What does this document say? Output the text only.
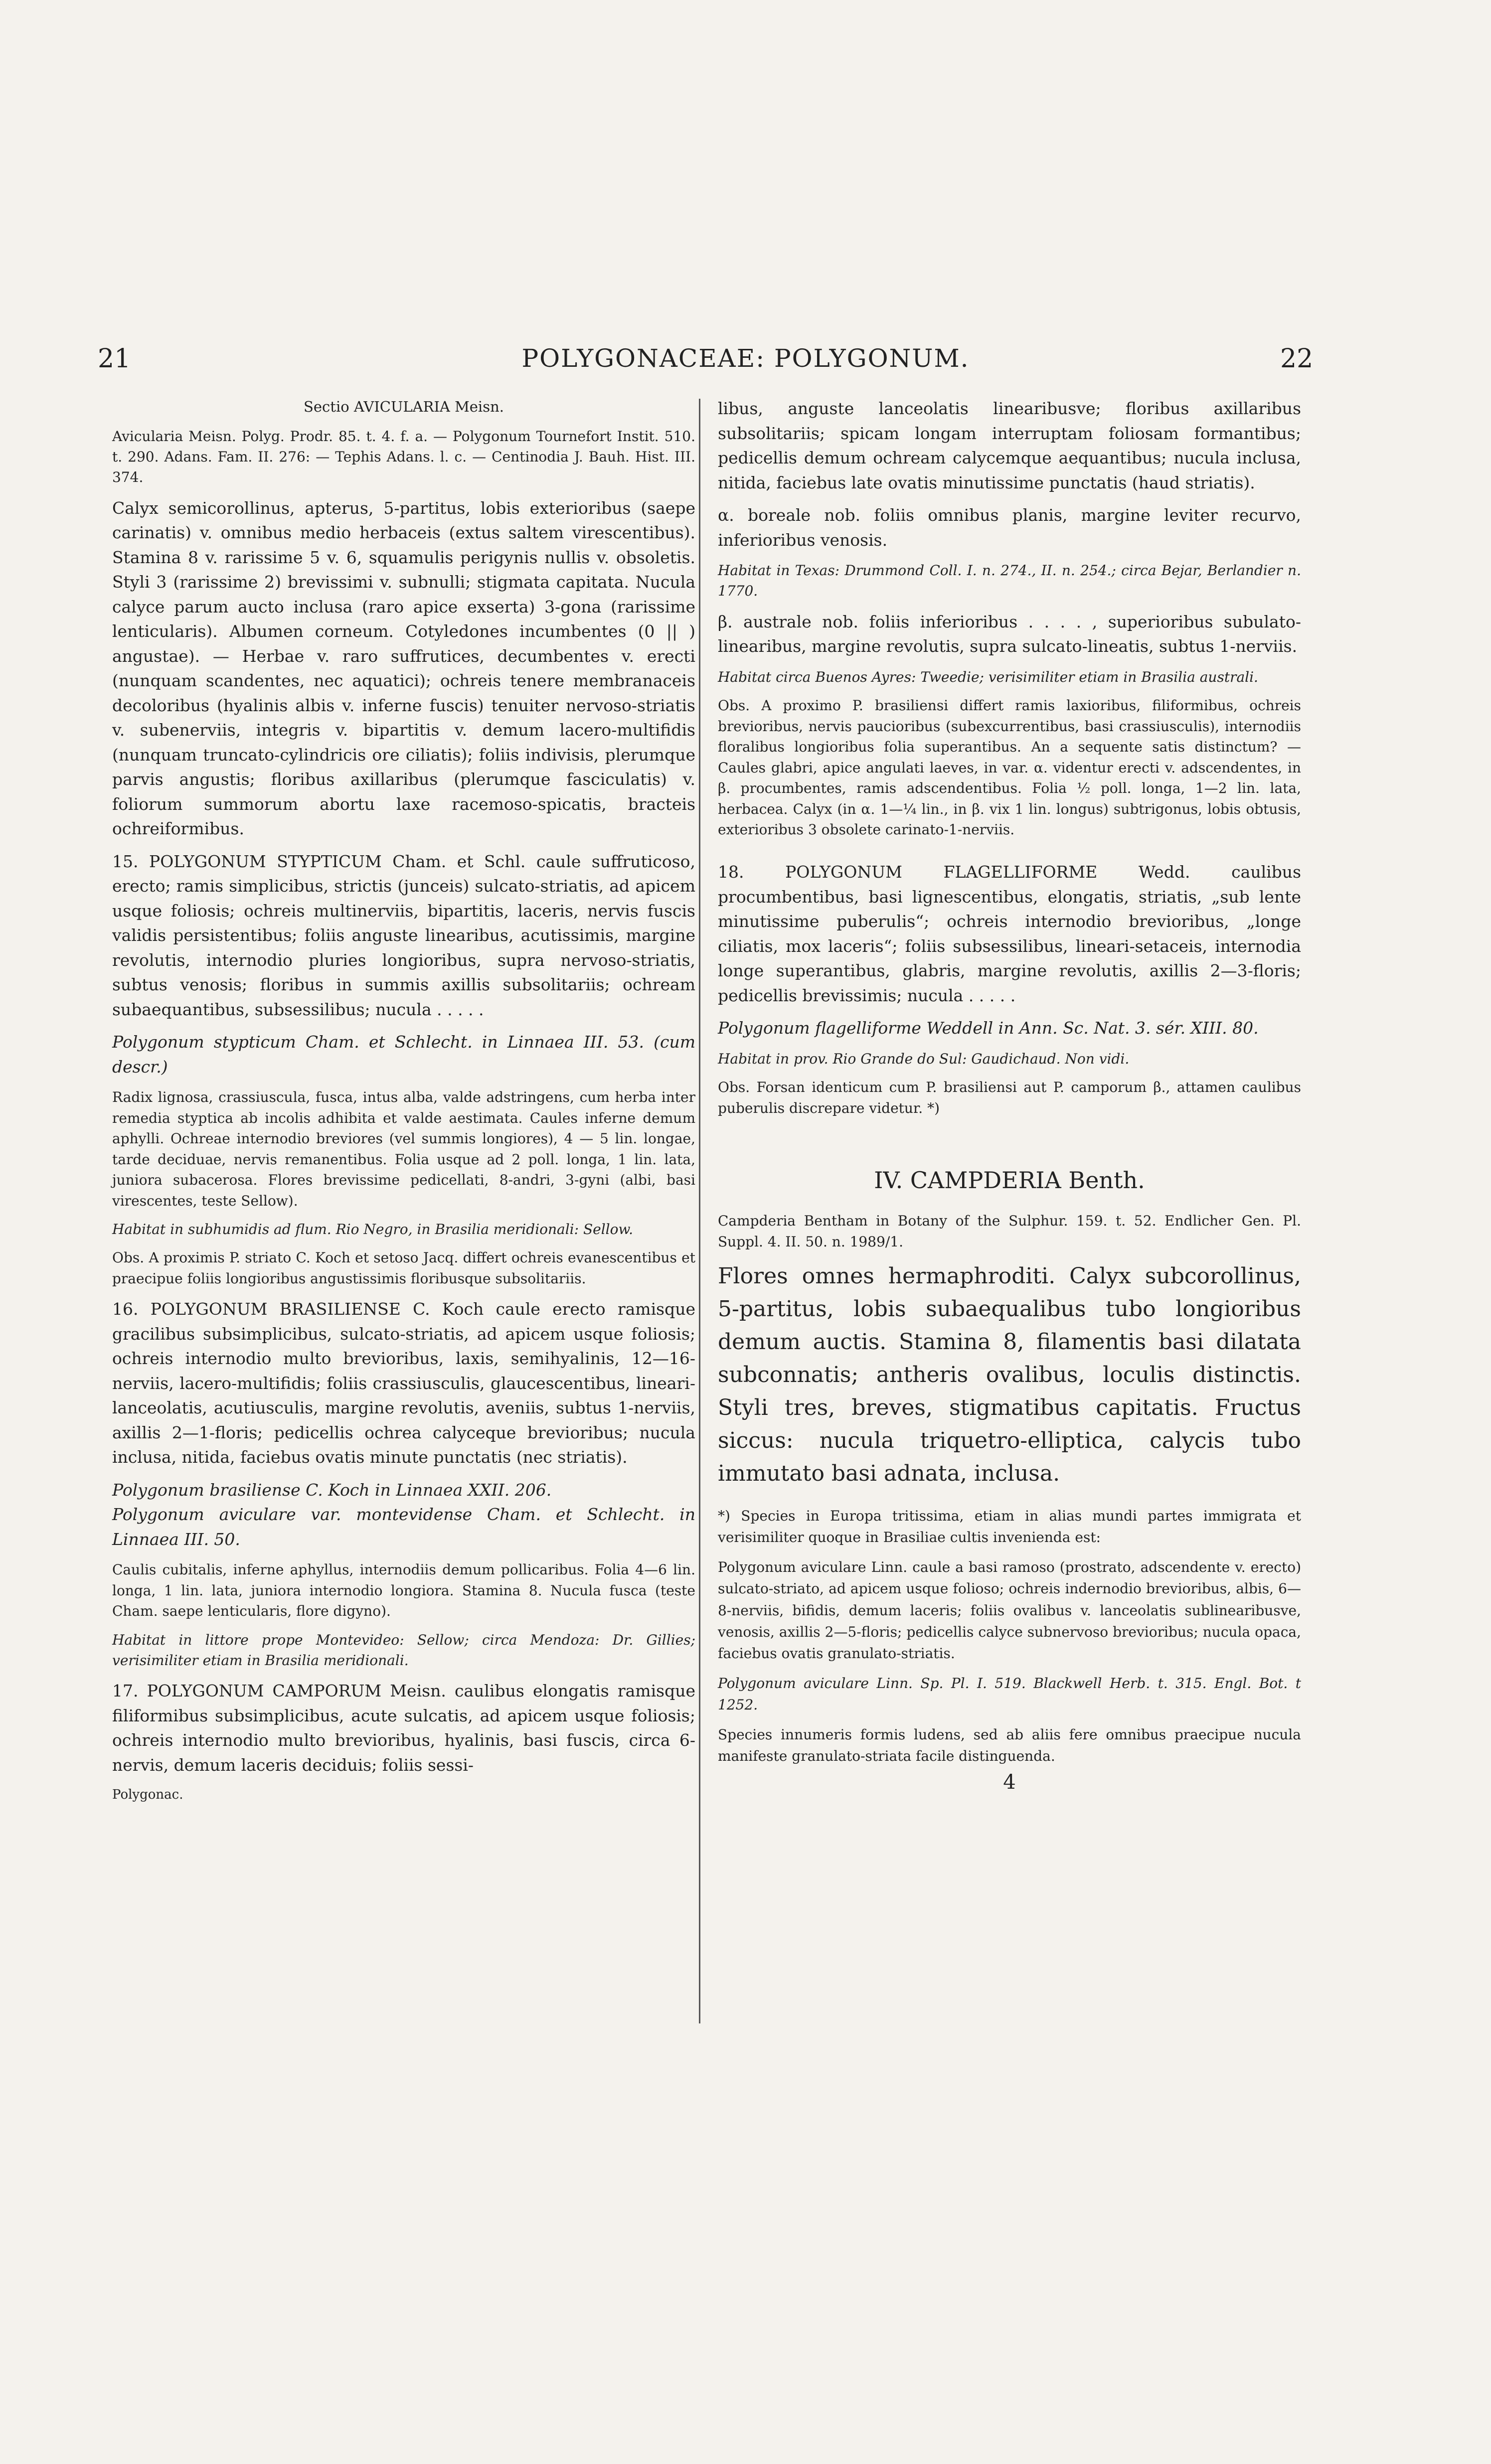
21	POLYGONACEAE: POLYGONUM.	22

Sectio AVICULARIA Meisn.

Avicularia Meisn. Polyg. Prodr. 85. t. 4. f. a. — Polygonum Tournefort Instit. 510. t. 290. Adans. Fam. II. 276: — Tephis Adans. l. c. — Centinodia J. Bauh. Hist. III. 374.

Calyx semicorollinus, apterus, 5-partitus, lobis exterioribus (saepe carinatis) v. omnibus medio herbaceis (extus saltem virescentibus). Stamina 8 v. rarissime 5 v. 6, squamulis perigynis nullis v. obsoletis. Styli 3 (rarissime 2) brevissimi v. subnulli; stigmata capitata. Nucula calyce parum aucto inclusa (raro apice exserta) 3-gona (rarissime lenticularis). Albumen corneum. Cotyledones incumbentes (0 || ) angustae). — Herbae v. raro suffrutices, decumbentes v. erecti (nunquam scandentes, nec aquatici); ochreis tenere membranaceis decoloribus (hyalinis albis v. inferne fuscis) tenuiter nervoso-striatis v. subenerviis, integris v. bipartitis v. demum lacero-multifidis (nunquam truncato-cylindricis ore ciliatis); foliis indivisis, plerumque parvis angustis; floribus axillaribus (plerumque fasciculatis) v. foliorum summorum abortu laxe racemoso-spicatis, bracteis ochreiformibus.

15. POLYGONUM STYPTICUM Cham. et Schl. caule suffruticoso, erecto; ramis simplicibus, strictis (junceis) sulcato-striatis, ad apicem usque foliosis; ochreis multinerviis, bipartitis, laceris, nervis fuscis validis persistentibus; foliis anguste linearibus, acutissimis, margine revolutis, internodio pluries longioribus, supra nervoso-striatis, subtus venosis; floribus in summis axillis subsolitariis; ochream subaequantibus, subsessilibus; nucula . . . . .

Polygonum stypticum Cham. et Schlecht. in Linnaea III. 53. (cum descr.)

Radix lignosa, crassiuscula, fusca, intus alba, valde adstringens, cum herba inter remedia styptica ab incolis adhibita et valde aestimata. Caules inferne demum aphylli. Ochreae internodio breviores (vel summis longiores), 4 — 5 lin. longae, tarde deciduae, nervis remanentibus. Folia usque ad 2 poll. longa, 1 lin. lata, juniora subacerosa. Flores brevissime pedicellati, 8-andri, 3-gyni (albi, basi virescentes, teste Sellow).

Habitat in subhumidis ad flum. Rio Negro, in Brasilia meridionali: Sellow.

Obs. A proximis P. striato C. Koch et setoso Jacq. differt ochreis evanescentibus et praecipue foliis longioribus angustissimis floribusque subsolitariis.

16. POLYGONUM BRASILIENSE C. Koch caule erecto ramisque gracilibus subsimplicibus, sulcato-striatis, ad apicem usque foliosis; ochreis internodio multo brevioribus, laxis, semihyalinis, 12—16-nerviis, lacero-multifidis; foliis crassiusculis, glaucescentibus, lineari-lanceolatis, acutiusculis, margine revolutis, aveniis, subtus 1-nerviis, axillis 2—1-floris; pedicellis ochrea calyceque brevioribus; nucula inclusa, nitida, faciebus ovatis minute punctatis (nec striatis).

Polygonum brasiliense C. Koch in Linnaea XXII. 206.

Polygonum aviculare var. montevidense Cham. et Schlecht. in Linnaea III. 50.

Caulis cubitalis, inferne aphyllus, internodiis demum pollicaribus. Folia 4—6 lin. longa, 1 lin. lata, juniora internodio longiora. Stamina 8. Nucula fusca (teste Cham. saepe lenticularis, flore digyno).

Habitat in littore prope Montevideo: Sellow; circa Mendoza: Dr. Gillies; verisimiliter etiam in Brasilia meridionali.

17. POLYGONUM CAMPORUM Meisn. caulibus elongatis ramisque filiformibus subsimplicibus, acute sulcatis, ad apicem usque foliosis; ochreis internodio multo brevioribus, hyalinis, basi fuscis, circa 6-nervis, demum laceris deciduis; foliis sessi-

Polygonac.

libus, anguste lanceolatis linearibusve; floribus axillaribus subsolitariis; spicam longam interruptam foliosam formantibus; pedicellis demum ochream calycemque aequantibus; nucula inclusa, nitida, faciebus late ovatis minutissime punctatis (haud striatis).

α. boreale nob. foliis omnibus planis, margine leviter recurvo, inferioribus venosis.

Habitat in Texas: Drummond Coll. I. n. 274., II. n. 254.; circa Bejar, Berlandier n. 1770.

β. australe nob. foliis inferioribus . . . . , superioribus subulato-linearibus, margine revolutis, supra sulcato-lineatis, subtus 1-nerviis.

Habitat circa Buenos Ayres: Tweedie; verisimiliter etiam in Brasilia australi.

Obs. A proximo P. brasiliensi differt ramis laxioribus, filiformibus, ochreis brevioribus, nervis paucioribus (subexcurrentibus, basi crassiusculis), internodiis floralibus longioribus folia superantibus. An a sequente satis distinctum? — Caules glabri, apice angulati laeves, in var. α. videntur erecti v. adscendentes, in β. procumbentes, ramis adscendentibus. Folia ½ poll. longa, 1—2 lin. lata, herbacea. Calyx (in α. 1—¼ lin., in β. vix 1 lin. longus) subtrigonus, lobis obtusis, exterioribus 3 obsolete carinato-1-nerviis.

18. POLYGONUM FLAGELLIFORME Wedd. caulibus procumbentibus, basi lignescentibus, elongatis, striatis, „sub lente minutissime puberulis“; ochreis internodio brevioribus, „longe ciliatis, mox laceris“; foliis subsessilibus, lineari-setaceis, internodia longe superantibus, glabris, margine revolutis, axillis 2—3-floris; pedicellis brevissimis; nucula . . . . .

Polygonum flagelliforme Weddell in Ann. Sc. Nat. 3. sér. XIII. 80.

Habitat in prov. Rio Grande do Sul: Gaudichaud. Non vidi.

Obs. Forsan identicum cum P. brasiliensi aut P. camporum β., attamen caulibus puberulis discrepare videtur. *)

IV. CAMPDERIA Benth.

Campderia Bentham in Botany of the Sulphur. 159. t. 52. Endlicher Gen. Pl. Suppl. 4. II. 50. n. 1989/1.

Flores omnes hermaphroditi. Calyx subcorollinus, 5-partitus, lobis subaequalibus tubo longioribus demum auctis. Stamina 8, filamentis basi dilatata subconnatis; antheris ovalibus, loculis distinctis. Styli tres, breves, stigmatibus capitatis. Fructus siccus: nucula triquetro-elliptica, calycis tubo immutato basi adnata, inclusa.

*) Species in Europa tritissima, etiam in alias mundi partes immigrata et verisimiliter quoque in Brasiliae cultis inveniendа est:

Polygonum aviculare Linn. caule a basi ramoso (prostrato, adscendente v. erecto) sulcato-striato, ad apicem usque folioso; ochreis indernodio brevioribus, albis, 6—8-nerviis, bifidis, demum laceris; foliis ovalibus v. lanceolatis sublinearibusve, venosis, axillis 2—5-floris; pedicellis calyce subnervoso brevioribus; nucula opaca, faciebus ovatis granulato-striatis.

Polygonum aviculare Linn. Sp. Pl. I. 519. Blackwell Herb. t. 315. Engl. Bot. t 1252.

Species innumeris formis ludens, sed ab aliis fere omnibus praecipue nucula manifeste granulato-striata facile distinguenda.

4
